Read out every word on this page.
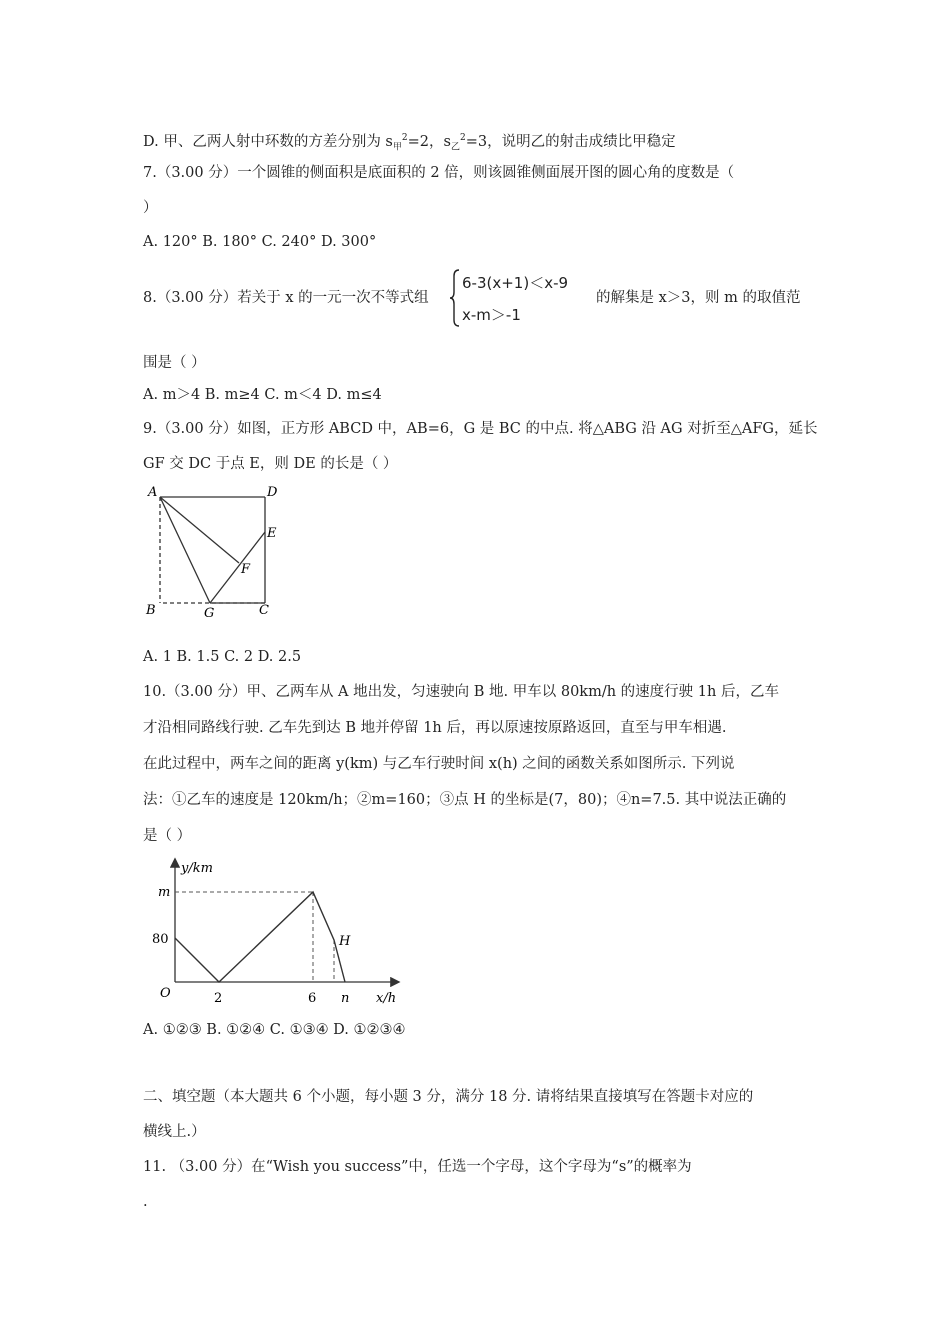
D. 甲、乙两人射中环数的方差分别为 $s_甲^2=2$，$s_乙^2=3$，说明乙的射击成绩比甲稳定
7.（3.00 分）一个圆锥的侧面积是底面积的 2 倍，则该圆锥侧面展开图的圆心角的度数是（
）
A. 120° B. 180° C. 240° D. 300°
8.（3.00 分）若关于 x 的一元一次不等式组
6-3(x+1)＜x-9
x-m＞-1
的解集是 x＞3，则 m 的取值范
围是（ ）
A. m＞4 B. m≥4 C. m＜4 D. m≤4
9.（3.00 分）如图，正方形 ABCD 中，AB=6，G 是 BC 的中点. 将△ABG 沿 AG 对折至△AFG，延长
GF 交 DC 于点 E，则 DE 的长是（ ）
A	D
E
F
B	G	C
A. 1 B. 1.5 C. 2 D. 2.5
10.（3.00 分）甲、乙两车从 A 地出发，匀速驶向 B 地. 甲车以 80km/h 的速度行驶 1h 后，乙车
才沿相同路线行驶. 乙车先到达 B 地并停留 1h 后，再以原速按原路返回，直至与甲车相遇.
在此过程中，两车之间的距离 y(km) 与乙车行驶时间 x(h) 之间的函数关系如图所示. 下列说
法：①乙车的速度是 120km/h；②m=160；③点 H 的坐标是(7，80)；④n=7.5. 其中说法正确的
是（ ）
y/km
x/h
O
m
80
2	6 n
H
A. ①②③ B. ①②④ C. ①③④ D. ①②③④
二、填空题（本大题共 6 个小题，每小题 3 分，满分 18 分. 请将结果直接填写在答题卡对应的
横线上.）
11. （3.00 分）在“Wish you success”中，任选一个字母，这个字母为“s”的概率为
.
